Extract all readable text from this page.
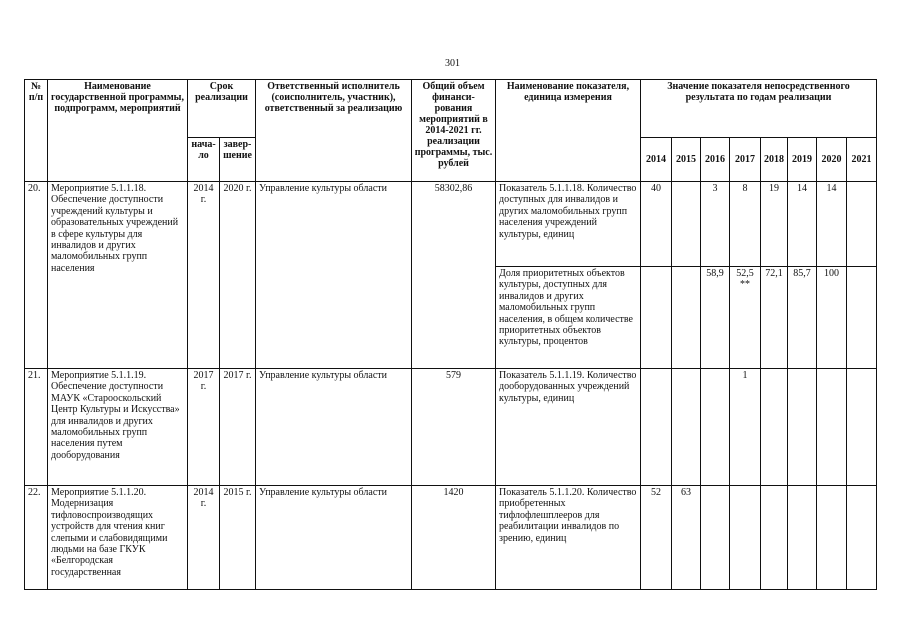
301
№ п/п	Наименование государственной программы, подпрограмм, мероприятий	Срок реализации		Ответственный исполнитель (соисполнитель, участник), ответственный за реализацию	Общий объем финанси-рования мероприятий в 2014-2021 гг. реализации программы, тыс. рублей	Наименование показателя, единица измерения	Значение показателя непосредственного результата по годам реализации							
		нача-ло	завер-шение				2014	2015	2016	2017	2018	2019	2020	2021
20.	Мероприятие 5.1.1.18. Обеспечение доступности учреждений культуры и образовательных учреждений в сфере культуры для инвалидов и других маломобильных групп населения	2014 г.	2020 г.	Управление культуры области	58302,86	Показатель 5.1.1.18. Количество доступных для инвалидов и других маломобильных групп населения учреждений культуры, единиц	40		3	8	19	14	14	
						Доля приоритетных объектов культуры, доступных для инвалидов и других маломобильных групп населения, в общем количестве приоритетных объектов культуры, процентов			58,9	52,5 **	72,1	85,7	100	
21.	Мероприятие 5.1.1.19. Обеспечение доступности МАУК «Старооскольский Центр Культуры и Искусства» для инвалидов и других маломобильных групп населения путем дооборудования	2017 г.	2017 г.	Управление культуры области	579	Показатель 5.1.1.19. Количество дооборудованных учреждений культуры, единиц				1				
22.	Мероприятие 5.1.1.20. Модернизация тифловоспроизводящих устройств для чтения книг слепыми и слабовидящими людьми на базе ГКУК «Белгородская государственная	2014 г.	2015 г.	Управление культуры области	1420	Показатель 5.1.1.20. Количество приобретенных тифлофлешплееров для реабилитации инвалидов по зрению, единиц	52	63						
